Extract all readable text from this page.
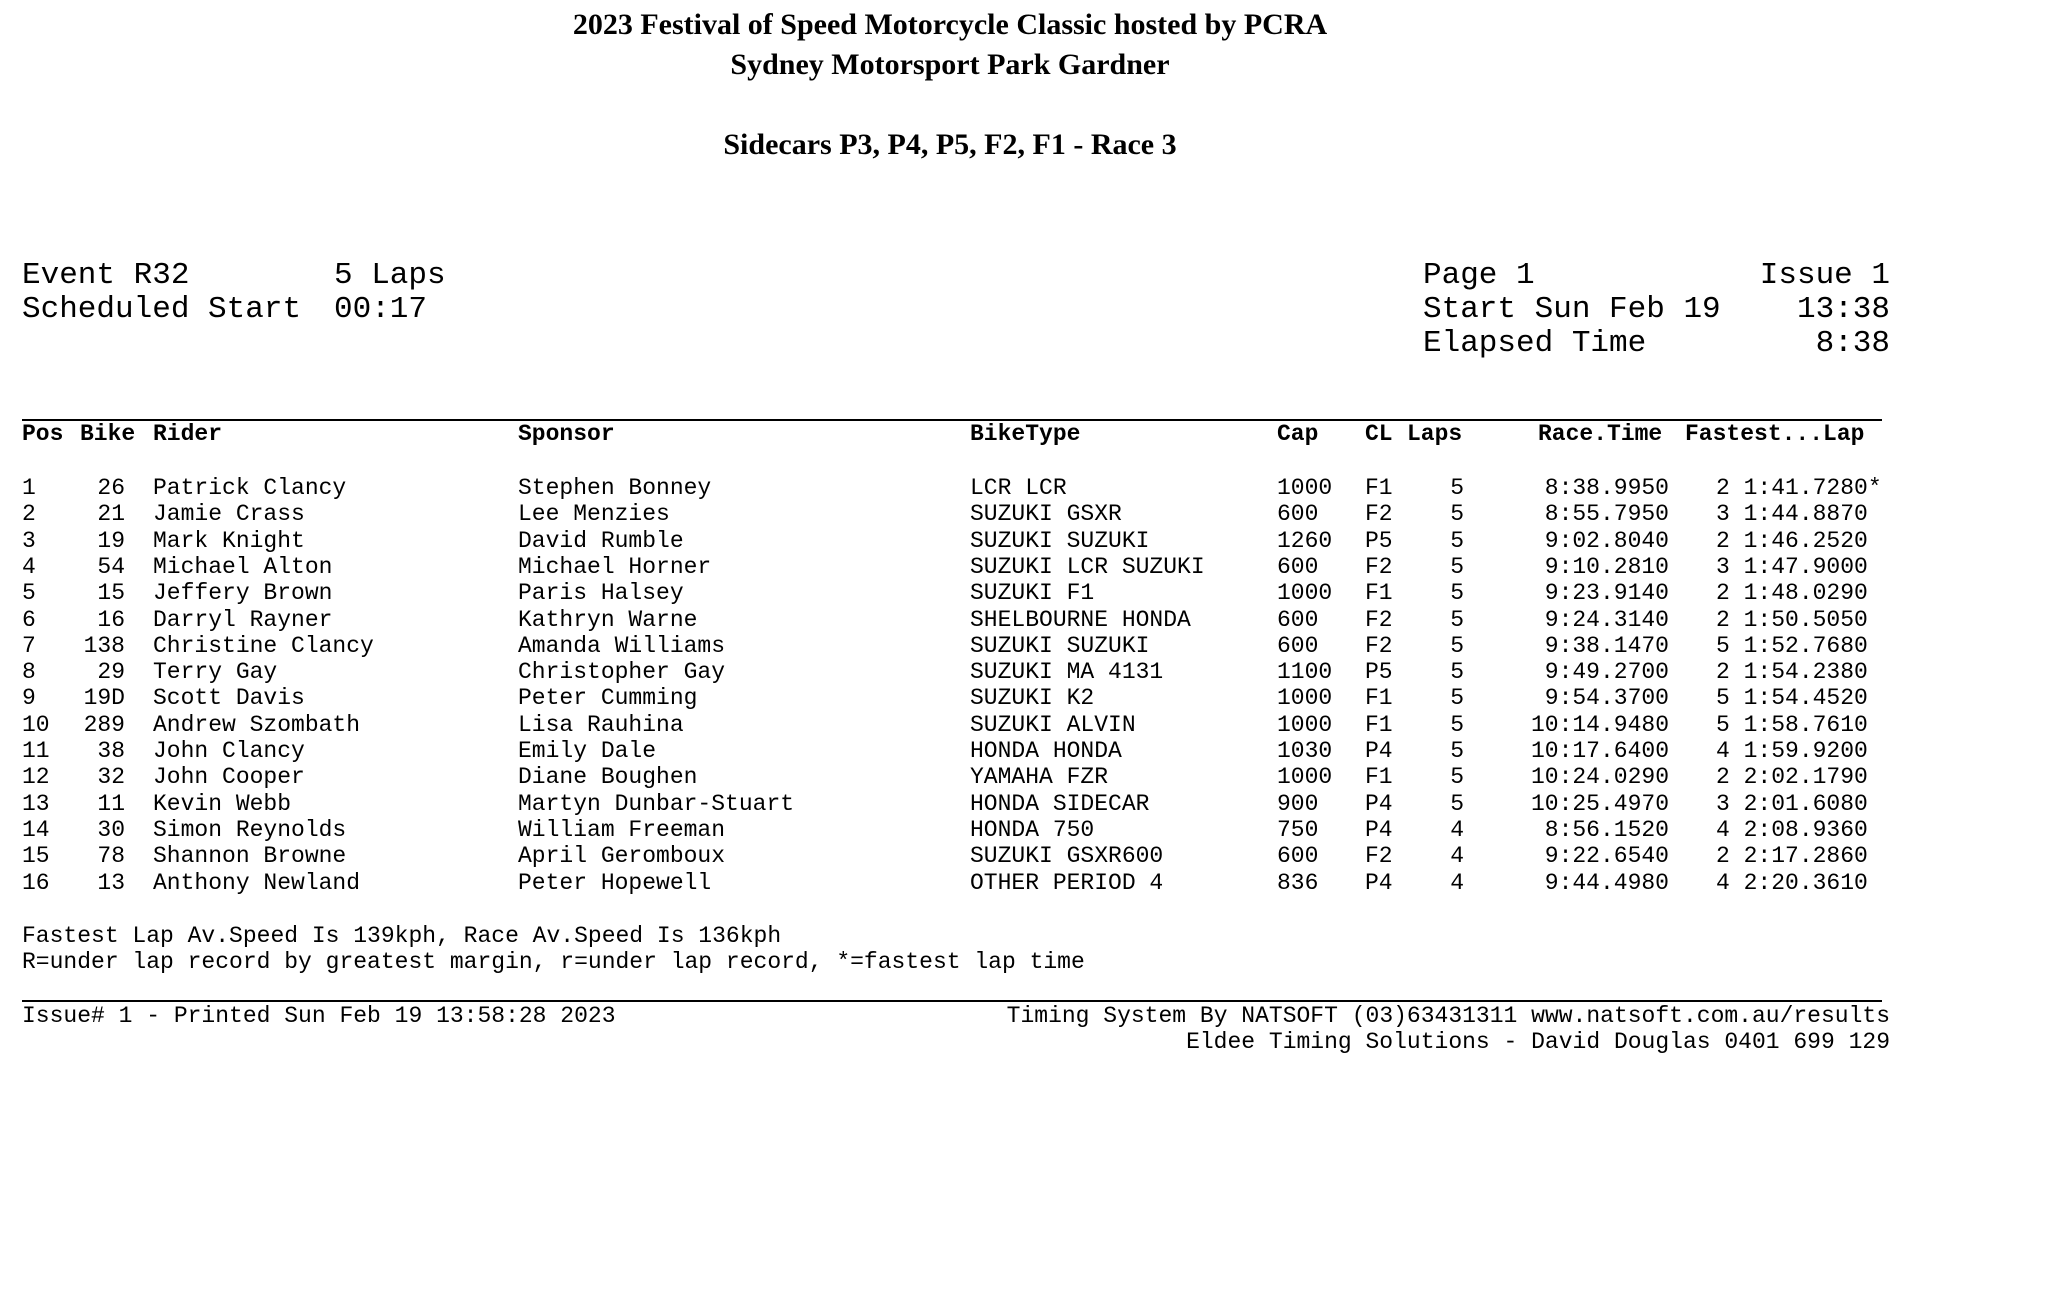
2023 Festival of Speed Motorcycle Classic hosted by PCRA
Sydney Motorsport Park Gardner
Sidecars P3, P4, P5, F2, F1 - Race 3
Event R32	5 Laps
Scheduled Start 00:17
Page 1	Issue 1
Start Sun Feb 19	13:38
Elapsed Time	8:38
Pos Bike Rider	Sponsor	BikeType	Cap CL Laps	Race.Time Fastest...Lap
1	26 Patrick Clancy	Stephen Bonney	LCR LCR	1000	F1	5	8:38.9950 2 1:41.7280*
2	21 Jamie Crass	Lee Menzies	SUZUKI GSXR	600	F2	5	8:55.7950 3 1:44.8870
3	19 Mark Knight	David Rumble	SUZUKI SUZUKI	1260	P5	5	9:02.8040 2 1:46.2520
4	54 Michael Alton	Michael Horner	SUZUKI LCR SUZUKI	600	F2	5	9:10.2810 3 1:47.9000
5	15 Jeffery Brown	Paris Halsey	SUZUKI F1	1000	F1	5	9:23.9140 2 1:48.0290
6	16 Darryl Rayner	Kathryn Warne	SHELBOURNE HONDA	600	F2	5	9:24.3140 2 1:50.5050
7	138 Christine Clancy	Amanda Williams	SUZUKI SUZUKI	600	F2	5	9:38.1470 5 1:52.7680
8	29 Terry Gay	Christopher Gay	SUZUKI MA 4131	1100	P5	5	9:49.2700 2 1:54.2380
9	19D Scott Davis	Peter Cumming	SUZUKI K2	1000	F1	5	9:54.3700 5 1:54.4520
10	289 Andrew Szombath	Lisa Rauhina	SUZUKI ALVIN	1000	F1	5	10:14.9480 5 1:58.7610
11	38 John Clancy	Emily Dale	HONDA HONDA	1030	P4	5	10:17.6400 4 1:59.9200
12	32 John Cooper	Diane Boughen	YAMAHA FZR	1000	F1	5	10:24.0290 2 2:02.1790
13	11 Kevin Webb	Martyn Dunbar-Stuart	HONDA SIDECAR	900	P4	5	10:25.4970 3 2:01.6080
14	30 Simon Reynolds	William Freeman	HONDA 750	750	P4	4	8:56.1520 4 2:08.9360
15	78 Shannon Browne	April Geromboux	SUZUKI GSXR600	600	F2	4	9:22.6540 2 2:17.2860
16	13 Anthony Newland	Peter Hopewell	OTHER PERIOD 4	836	P4	4	9:44.4980 4 2:20.3610
Fastest Lap Av.Speed Is 139kph, Race Av.Speed Is 136kph
R=under lap record by greatest margin, r=under lap record, *=fastest lap time
Issue# 1 - Printed Sun Feb 19 13:58:28 2023	Timing System By NATSOFT (03)63431311 www.natsoft.com.au/results
Eldee Timing Solutions - David Douglas 0401 699 129
